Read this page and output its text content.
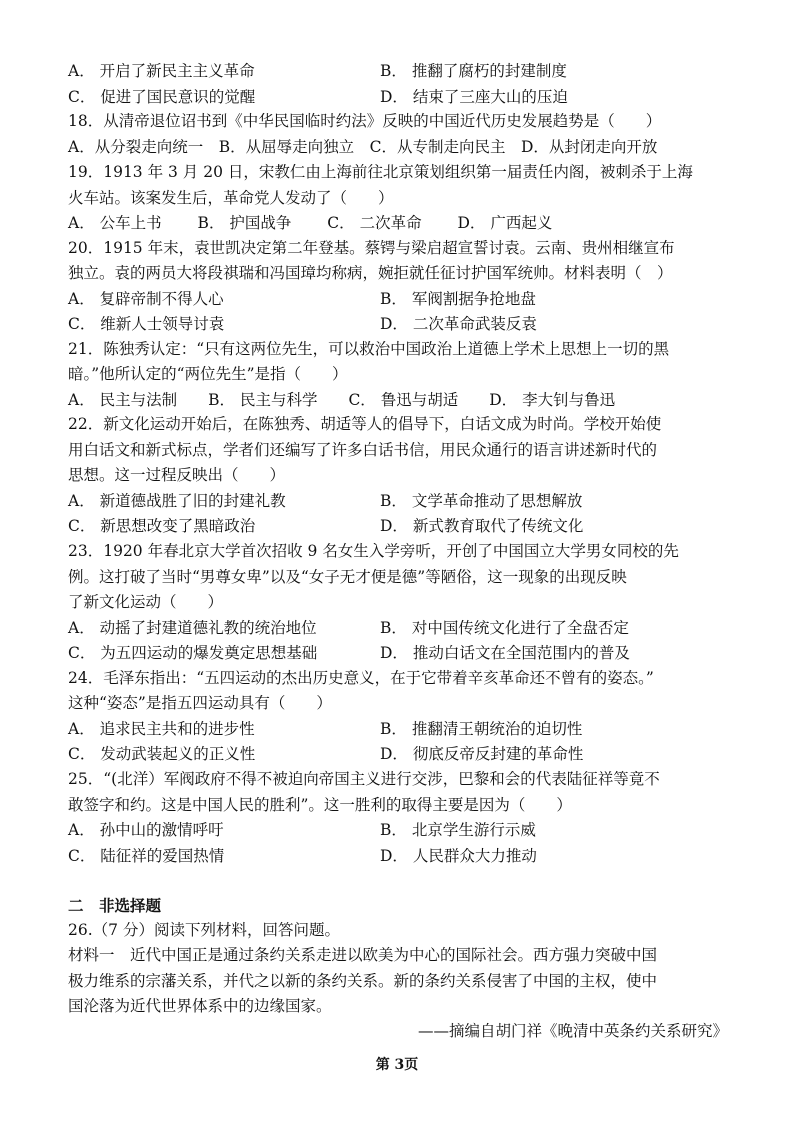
A． 开启了新民主主义革命	B． 推翻了腐朽的封建制度
C． 促进了国民意识的觉醒	D． 结束了三座大山的压迫
18．从清帝退位诏书到《中华民国临时约法》反映的中国近代历史发展趋势是（　　）
A．从分裂走向统一　B．从屈辱走向独立　C．从专制走向民主　D．从封闭走向开放
19．1913 年 3 月 20 日，宋教仁由上海前往北京策划组织第一届责任内阁，被刺杀于上海
火车站。该案发生后，革命党人发动了（　　）
A． 公车上书　　 B． 护国战争　　 C． 二次革命　　 D． 广西起义
20．1915 年末，袁世凯决定第二年登基。蔡锷与梁启超宣誓讨袁。云南、贵州相继宣布
独立。袁的两员大将段祺瑞和冯国璋均称病，婉拒就任征讨护国军统帅。材料表明（　）
A． 复辟帝制不得人心	B． 军阀割据争抢地盘
C． 维新人士领导讨袁	D． 二次革命武装反袁
21．陈独秀认定：“只有这两位先生，可以救治中国政治上道德上学术上思想上一切的黑
暗。”他所认定的“两位先生”是指（　　）
A． 民主与法制　　B． 民主与科学　　C． 鲁迅与胡适　　D． 李大钊与鲁迅
22．新文化运动开始后，在陈独秀、胡适等人的倡导下，白话文成为时尚。学校开始使
用白话文和新式标点，学者们还编写了许多白话书信，用民众通行的语言讲述新时代的
思想。这一过程反映出（　　）
A． 新道德战胜了旧的封建礼教	B． 文学革命推动了思想解放
C． 新思想改变了黑暗政治	D． 新式教育取代了传统文化
23．1920 年春北京大学首次招收 9 名女生入学旁听，开创了中国国立大学男女同校的先
例。这打破了当时“男尊女卑”以及“女子无才便是德”等陋俗，这一现象的出现反映
了新文化运动（　　）
A． 动摇了封建道德礼教的统治地位	B． 对中国传统文化进行了全盘否定
C． 为五四运动的爆发奠定思想基础	D． 推动白话文在全国范围内的普及
24．毛泽东指出：“五四运动的杰出历史意义，在于它带着辛亥革命还不曾有的姿态。”
这种“姿态”是指五四运动具有（　　）
A． 追求民主共和的进步性	B． 推翻清王朝统治的迫切性
C． 发动武装起义的正义性	D． 彻底反帝反封建的革命性
25．“(北洋）军阀政府不得不被迫向帝国主义进行交涉，巴黎和会的代表陆征祥等竟不
敢签字和约。这是中国人民的胜利”。这一胜利的取得主要是因为（　　）
A． 孙中山的激情呼吁	B． 北京学生游行示威
C． 陆征祥的爱国热情	D． 人民群众大力推动
二　非选择题
26.（7 分）阅读下列材料，回答问题。
材料一　近代中国正是通过条约关系走进以欧美为中心的国际社会。西方强力突破中国
极力维系的宗藩关系，并代之以新的条约关系。新的条约关系侵害了中国的主权，使中
国沦落为近代世界体系中的边缘国家。
——摘编自胡门祥《晚清中英条约关系研究》
第 3页
